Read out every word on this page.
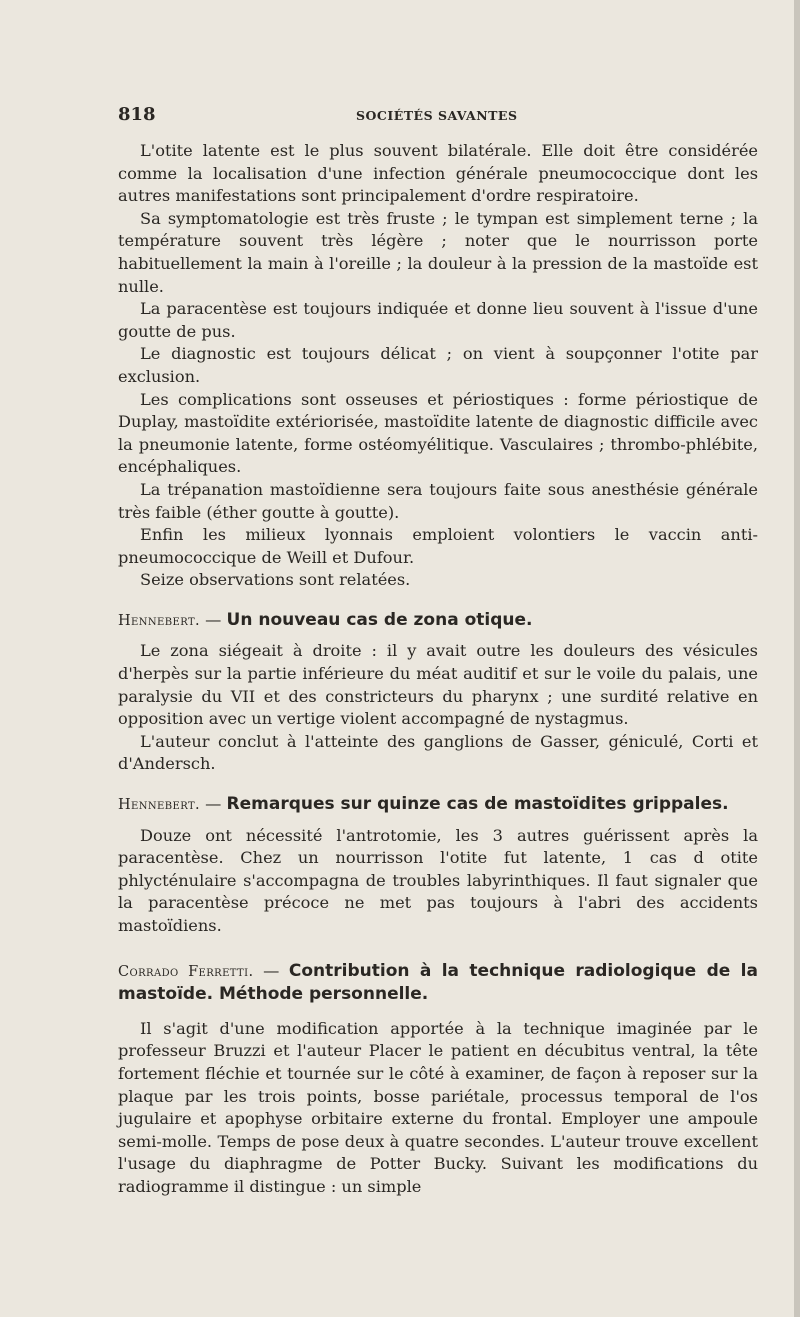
818	SOCIÉTÉS SAVANTES

L'otite latente est le plus souvent bilatérale. Elle doit être considérée comme la localisation d'une infection générale pneumococcique dont les autres manifestations sont principalement d'ordre respiratoire.

Sa symptomatologie est très fruste ; le tympan est simplement terne ; la température souvent très légère ; noter que le nourrisson porte habituellement la main à l'oreille ; la douleur à la pression de la mastoïde est nulle.

La paracentèse est toujours indiquée et donne lieu souvent à l'issue d'une goutte de pus.

Le diagnostic est toujours délicat ; on vient à soupçonner l'otite par exclusion.

Les complications sont osseuses et périostiques : forme périostique de Duplay, mastoïdite extériorisée, mastoïdite latente de diagnostic difficile avec la pneumonie latente, forme ostéomyélitique. Vasculaires ; thrombo-phlébite, encéphaliques.

La trépanation mastoïdienne sera toujours faite sous anesthésie générale très faible (éther goutte à goutte).

Enfin les milieux lyonnais emploient volontiers le vaccin anti-pneumococcique de Weill et Dufour.

Seize observations sont relatées.

Hennebert. — Un nouveau cas de zona otique.

Le zona siégeait à droite : il y avait outre les douleurs des vésicules d'herpès sur la partie inférieure du méat auditif et sur le voile du palais, une paralysie du VII et des constricteurs du pharynx ; une surdité relative en opposition avec un vertige violent accompagné de nystagmus.

L'auteur conclut à l'atteinte des ganglions de Gasser, géniculé, Corti et d'Andersch.

Hennebert. — Remarques sur quinze cas de mastoïdites grippales.

Douze ont nécessité l'antrotomie, les 3 autres guérissent après la paracentèse. Chez un nourrisson l'otite fut latente, 1 cas d otite phlycténulaire s'accompagna de troubles labyrinthiques. Il faut signaler que la paracentèse précoce ne met pas toujours à l'abri des accidents mastoïdiens.

Corrado Ferretti. — Contribution à la technique radiologique de la mastoïde. Méthode personnelle.

Il s'agit d'une modification apportée à la technique imaginée par le professeur Bruzzi et l'auteur Placer le patient en décubitus ventral, la tête fortement fléchie et tournée sur le côté à examiner, de façon à reposer sur la plaque par les trois points, bosse pariétale, processus temporal de l'os jugulaire et apophyse orbitaire externe du frontal. Employer une ampoule semi-molle. Temps de pose deux à quatre secondes. L'auteur trouve excellent l'usage du diaphragme de Potter Bucky. Suivant les modifications du radiogramme il distingue : un simple
